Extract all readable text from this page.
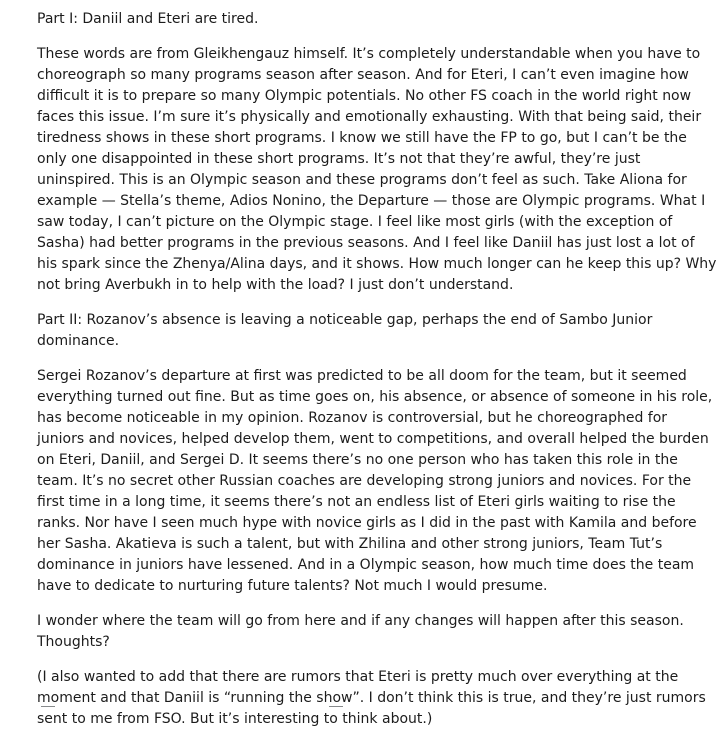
Part I: Daniil and Eteri are tired.

These words are from Gleikhengauz himself. It’s completely understandable when you have to choreograph so many programs season after season. And for Eteri, I can’t even imagine how difficult it is to prepare so many Olympic potentials. No other FS coach in the world right now faces this issue. I’m sure it’s physically and emotionally exhausting. With that being said, their tiredness shows in these short programs. I know we still have the FP to go, but I can’t be the only one disappointed in these short programs. It’s not that they’re awful, they’re just uninspired. This is an Olympic season and these programs don’t feel as such. Take Aliona for example — Stella’s theme, Adios Nonino, the Departure — those are Olympic programs. What I saw today, I can’t picture on the Olympic stage. I feel like most girls (with the exception of Sasha) had better programs in the previous seasons. And I feel like Daniil has just lost a lot of his spark since the Zhenya/Alina days, and it shows. How much longer can he keep this up? Why not bring Averbukh in to help with the load? I just don’t understand.

Part II: Rozanov’s absence is leaving a noticeable gap, perhaps the end of Sambo Junior dominance.

Sergei Rozanov’s departure at first was predicted to be all doom for the team, but it seemed everything turned out fine. But as time goes on, his absence, or absence of someone in his role, has become noticeable in my opinion. Rozanov is controversial, but he choreographed for juniors and novices, helped develop them, went to competitions, and overall helped the burden on Eteri, Daniil, and Sergei D. It seems there’s no one person who has taken this role in the team. It’s no secret other Russian coaches are developing strong juniors and novices. For the first time in a long time, it seems there’s not an endless list of Eteri girls waiting to rise the ranks. Nor have I seen much hype with novice girls as I did in the past with Kamila and before her Sasha. Akatieva is such a talent, but with Zhilina and other strong juniors, Team Tut’s dominance in juniors have lessened. And in a Olympic season, how much time does the team have to dedicate to nurturing future talents? Not much I would presume.

I wonder where the team will go from here and if any changes will happen after this season. Thoughts?

(I also wanted to add that there are rumors that Eteri is pretty much over everything at the moment and that Daniil is “running the show”. I don’t think this is true, and they’re just rumors sent to me from FSO. But it’s interesting to think about.)
